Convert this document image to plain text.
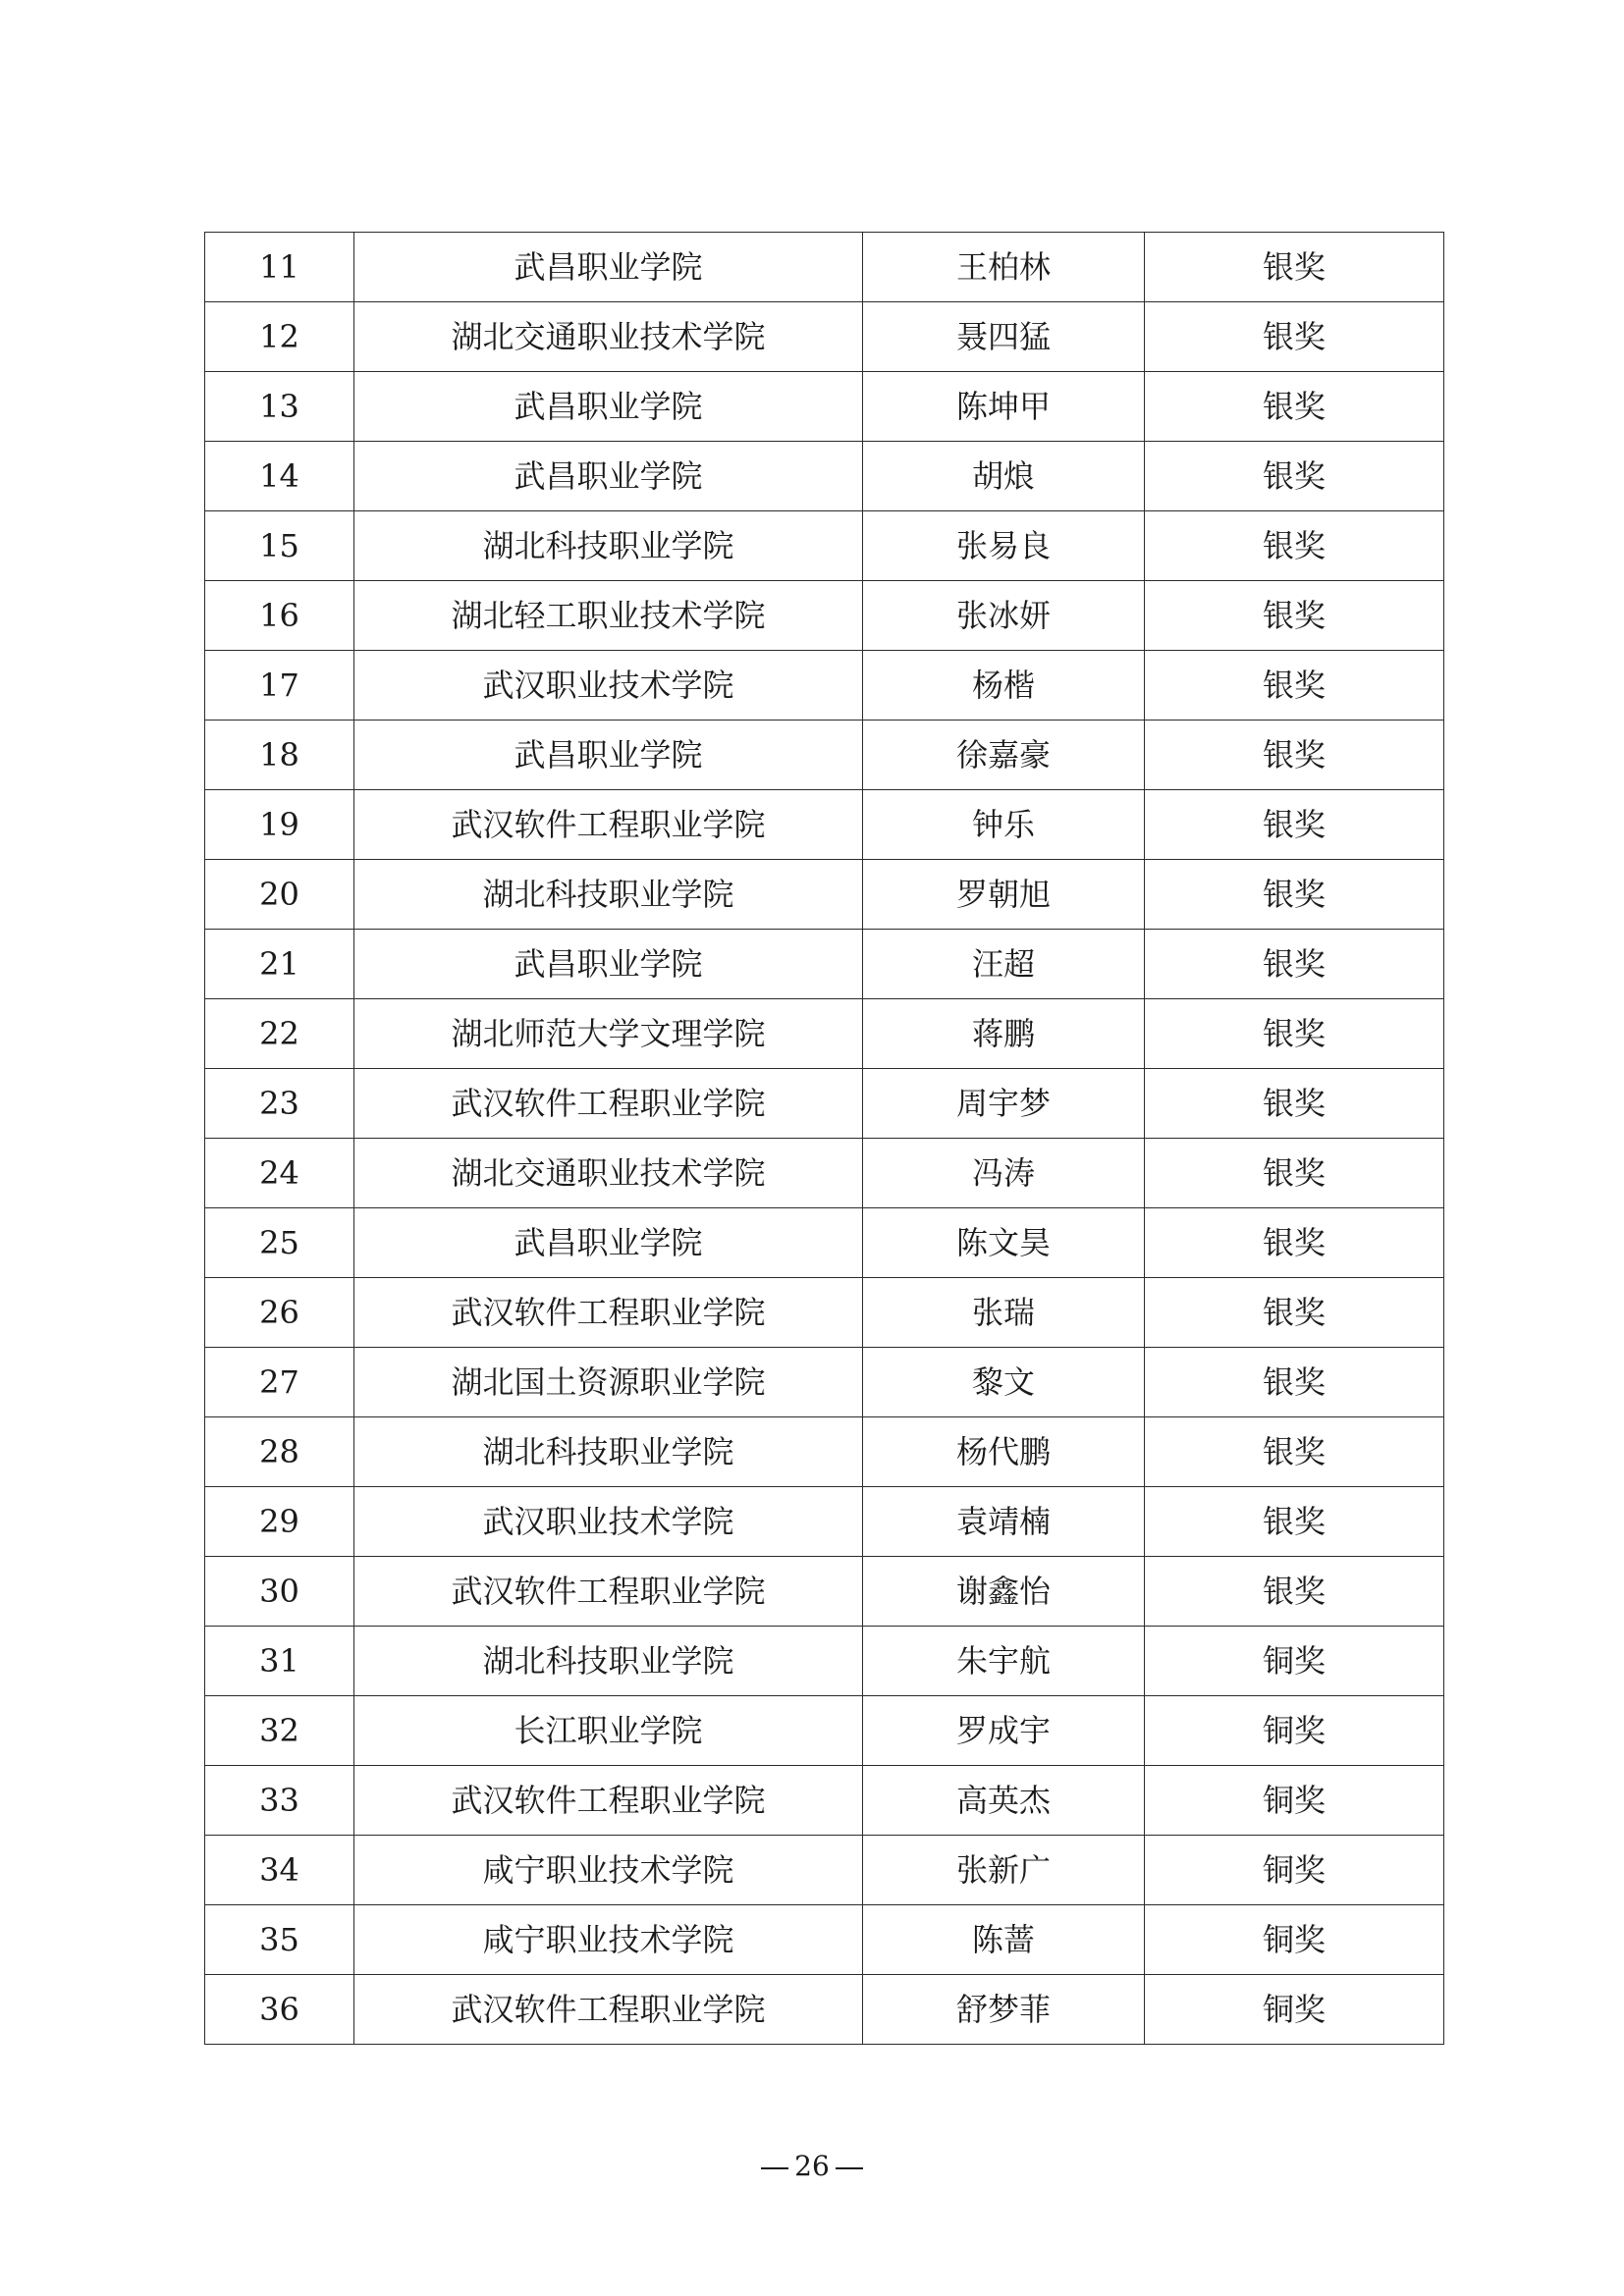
11	武昌职业学院	王柏林	银奖
12	湖北交通职业技术学院	聂四猛	银奖
13	武昌职业学院	陈坤甲	银奖
14	武昌职业学院	胡烺	银奖
15	湖北科技职业学院	张易良	银奖
16	湖北轻工职业技术学院	张冰妍	银奖
17	武汉职业技术学院	杨楷	银奖
18	武昌职业学院	徐嘉豪	银奖
19	武汉软件工程职业学院	钟乐	银奖
20	湖北科技职业学院	罗朝旭	银奖
21	武昌职业学院	汪超	银奖
22	湖北师范大学文理学院	蒋鹏	银奖
23	武汉软件工程职业学院	周宇梦	银奖
24	湖北交通职业技术学院	冯涛	银奖
25	武昌职业学院	陈文昊	银奖
26	武汉软件工程职业学院	张瑞	银奖
27	湖北国土资源职业学院	黎文	银奖
28	湖北科技职业学院	杨代鹏	银奖
29	武汉职业技术学院	袁靖楠	银奖
30	武汉软件工程职业学院	谢鑫怡	银奖
31	湖北科技职业学院	朱宇航	铜奖
32	长江职业学院	罗成宇	铜奖
33	武汉软件工程职业学院	高英杰	铜奖
34	咸宁职业技术学院	张新广	铜奖
35	咸宁职业技术学院	陈蔷	铜奖
36	武汉软件工程职业学院	舒梦菲	铜奖
26
